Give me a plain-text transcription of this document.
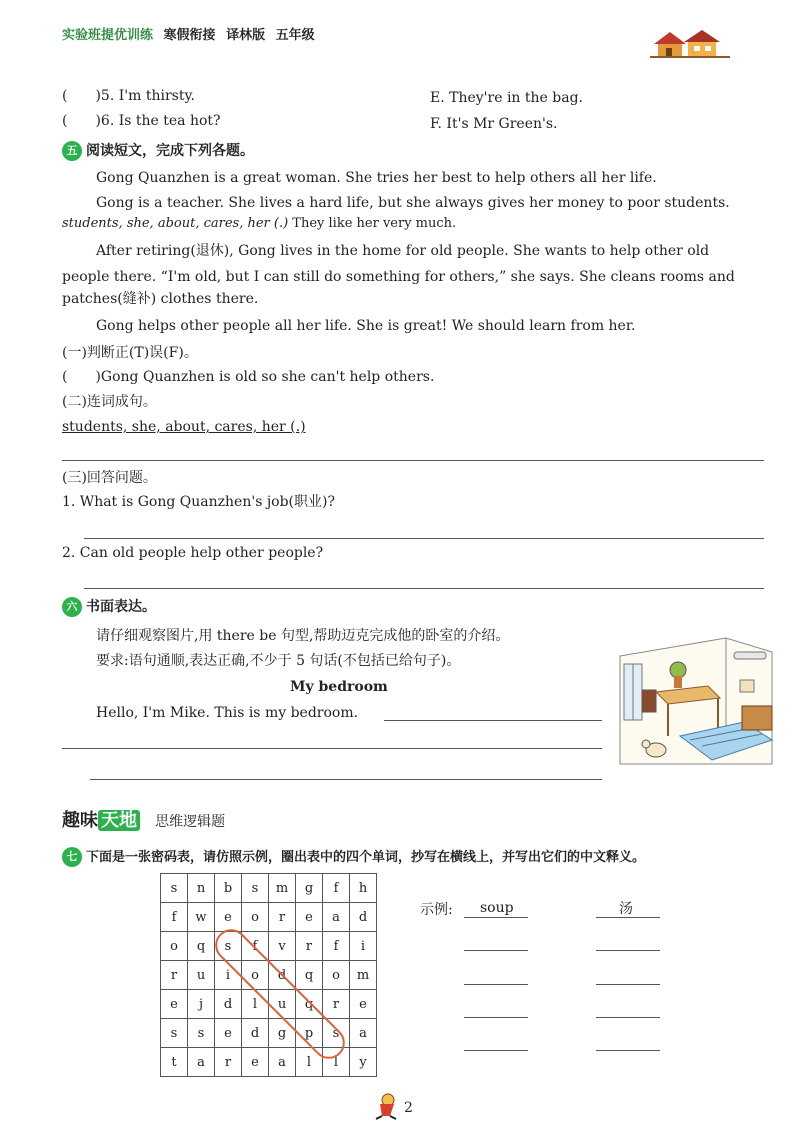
实验班提优训练 寒假衔接 译林版 五年级
(　　)5. I'm thirsty.
(　　)6. Is the tea hot?
E. They're in the bag.
F. It's Mr Green's.
五 阅读短文，完成下列各题。
Gong Quanzhen is a great woman. She tries her best to help others all her life.
Gong is a teacher. She lives a hard life, but she always gives her money to poor students.
students, she, about, cares, her (.) They like her very much.
After retiring(退休), Gong lives in the home for old people. She wants to help other old
people there. “I'm old, but I can still do something for others,” she says. She cleans rooms and
patches(缝补) clothes there.
Gong helps other people all her life. She is great! We should learn from her.
(一)判断正(T)误(F)。
(　　)Gong Quanzhen is old so she can't help others.
(二)连词成句。
students, she, about, cares, her (.)
(三)回答问题。
1. What is Gong Quanzhen's job(职业)?
2. Can old people help other people?
六 书面表达。
请仔细观察图片,用 there be 句型,帮助迈克完成他的卧室的介绍。
要求:语句通顺,表达正确,不少于 5 句话(不包括已给句子)。
My bedroom
Hello, I'm Mike. This is my bedroom.
趣味 天地 思维逻辑题
七 下面是一张密码表，请仿照示例，圈出表中的四个单词，抄写在横线上，并写出它们的中文释义。
s	n	b	s	m	g	f	h
f	w	e	o	r	e	a	d
o	q	s	f	v	r	f	i
r	u	i	o	d	q	o	m
e	j	d	l	u	q	r	e
s	s	e	d	g	p	s	a
t	a	r	e	a	l	l	y
示例: soup	汤
2
